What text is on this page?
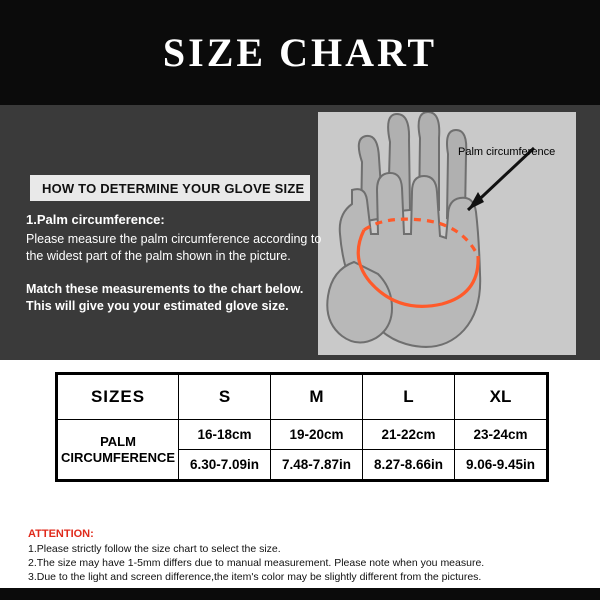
SIZE CHART
Palm circumference
HOW TO DETERMINE YOUR GLOVE SIZE

1.Palm circumference:

Please measure the palm circumference according to the widest part of the palm shown in the picture.

Match these measurements to the chart below.

This will give you your estimated glove size.

SIZES	S	M	L	XL

PALM
CIRCUMFERENCE	16-18cm	19-20cm	21-22cm	23-24cm
	6.30-7.09in	7.48-7.87in	8.27-8.66in	9.06-9.45in

ATTENTION:

1.Please strictly follow the size chart to select the size.

2.The size may have 1-5mm differs due to manual measurement. Please note when you measure.

3.Due to the light and screen difference,the item's color may be slightly different from the pictures.
